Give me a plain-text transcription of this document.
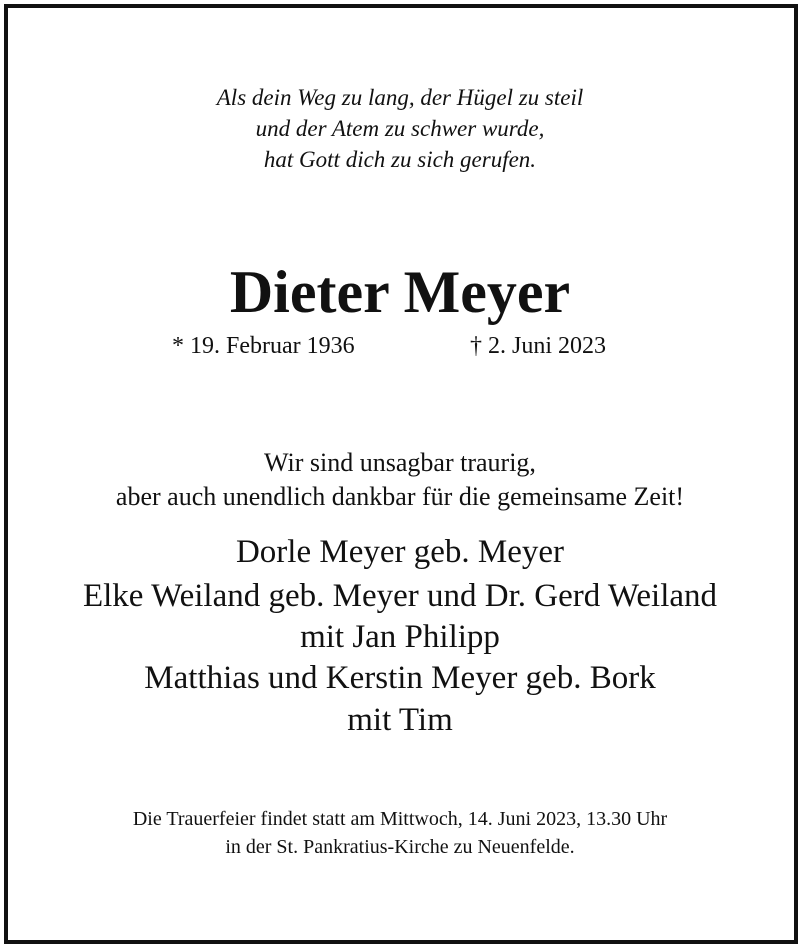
Als dein Weg zu lang, der Hügel zu steil

und der Atem zu schwer wurde,

hat Gott dich zu sich gerufen.

Dieter Meyer

* 19. Februar 1936	† 2. Juni 2023

Wir sind unsagbar traurig,

aber auch unendlich dankbar für die gemeinsame Zeit!

Dorle Meyer geb. Meyer

Elke Weiland geb. Meyer und Dr. Gerd Weiland

mit Jan Philipp

Matthias und Kerstin Meyer geb. Bork

mit Tim

Die Trauerfeier findet statt am Mittwoch, 14. Juni 2023, 13.30 Uhr

in der St. Pankratius-Kirche zu Neuenfelde.
